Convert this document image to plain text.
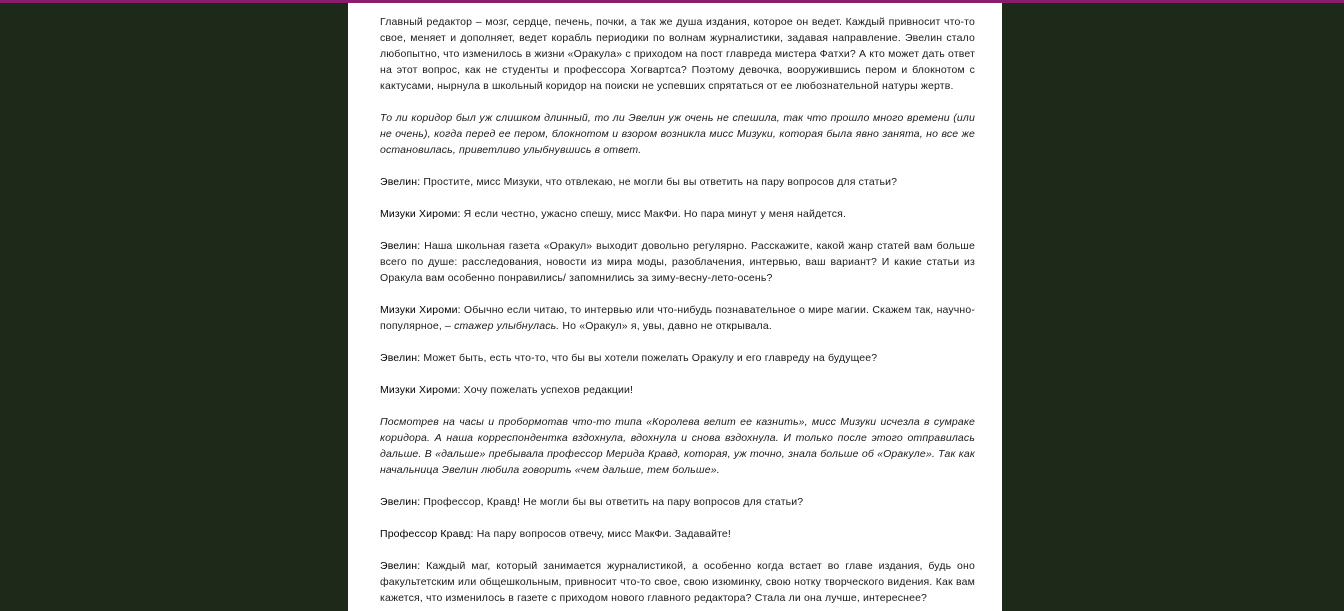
Главный редактор – мозг, сердце, печень, почки, а так же душа издания, которое он ведет. Каждый привносит что-то свое, меняет и дополняет, ведет корабль периодики по волнам журналистики, задавая направление. Эвелин стало любопытно, что изменилось в жизни «Оракула» с приходом на пост главреда мистера Фатхи? А кто может дать ответ на этот вопрос, как не студенты и профессора Хогвартса? Поэтому девочка, вооружившись пером и блокнотом с кактусами, нырнула в школьный коридор на поиски не успевших спрятаться от ее любознательной натуры жертв.

То ли коридор был уж слишком длинный, то ли Эвелин уж очень не спешила, так что прошло много времени (или не очень), когда перед ее пером, блокнотом и взором возникла мисс Мизуки, которая была явно занята, но все же остановилась, приветливо улыбнувшись в ответ.

Эвелин: Простите, мисс Мизуки, что отвлекаю, не могли бы вы ответить на пару вопросов для статьи?

Мизуки Хироми: Я если честно, ужасно спешу, мисс МакФи. Но пара минут у меня найдется.

Эвелин: Наша школьная газета «Оракул» выходит довольно регулярно. Расскажите, какой жанр статей вам больше всего по душе: расследования, новости из мира моды, разоблачения, интервью, ваш вариант? И какие статьи из Оракула вам особенно понравились/ запомнились за зиму-весну-лето-осень?

Мизуки Хироми: Обычно если читаю, то интервью или что-нибудь познавательное о мире магии. Скажем так, научно-популярное, – стажер улыбнулась. Но «Оракул» я, увы, давно не открывала.

Эвелин: Может быть, есть что-то, что бы вы хотели пожелать Оракулу и его главреду на будущее?

Мизуки Хироми: Хочу пожелать успехов редакции!

Посмотрев на часы и пробормотав что-то типа «Королева велит ее казнить», мисс Мизуки исчезла в сумраке коридора. А наша корреспондентка вздохнула, вдохнула и снова вздохнула. И только после этого отправилась дальше. В «дальше» пребывала профессор Мерида Кравд, которая, уж точно, знала больше об «Оракуле». Так как начальница Эвелин любила говорить «чем дальше, тем больше».

Эвелин: Профессор, Кравд! Не могли бы вы ответить на пару вопросов для статьи?

Профессор Кравд: На пару вопросов отвечу, мисс МакФи. Задавайте!

Эвелин: Каждый маг, который занимается журналистикой, а особенно когда встает во главе издания, будь оно факультетским или общешкольным, привносит что-то свое, свою изюминку, свою нотку творческого видения. Как вам кажется, что изменилось в газете с приходом нового главного редактора? Стала ли она лучше, интереснее?
